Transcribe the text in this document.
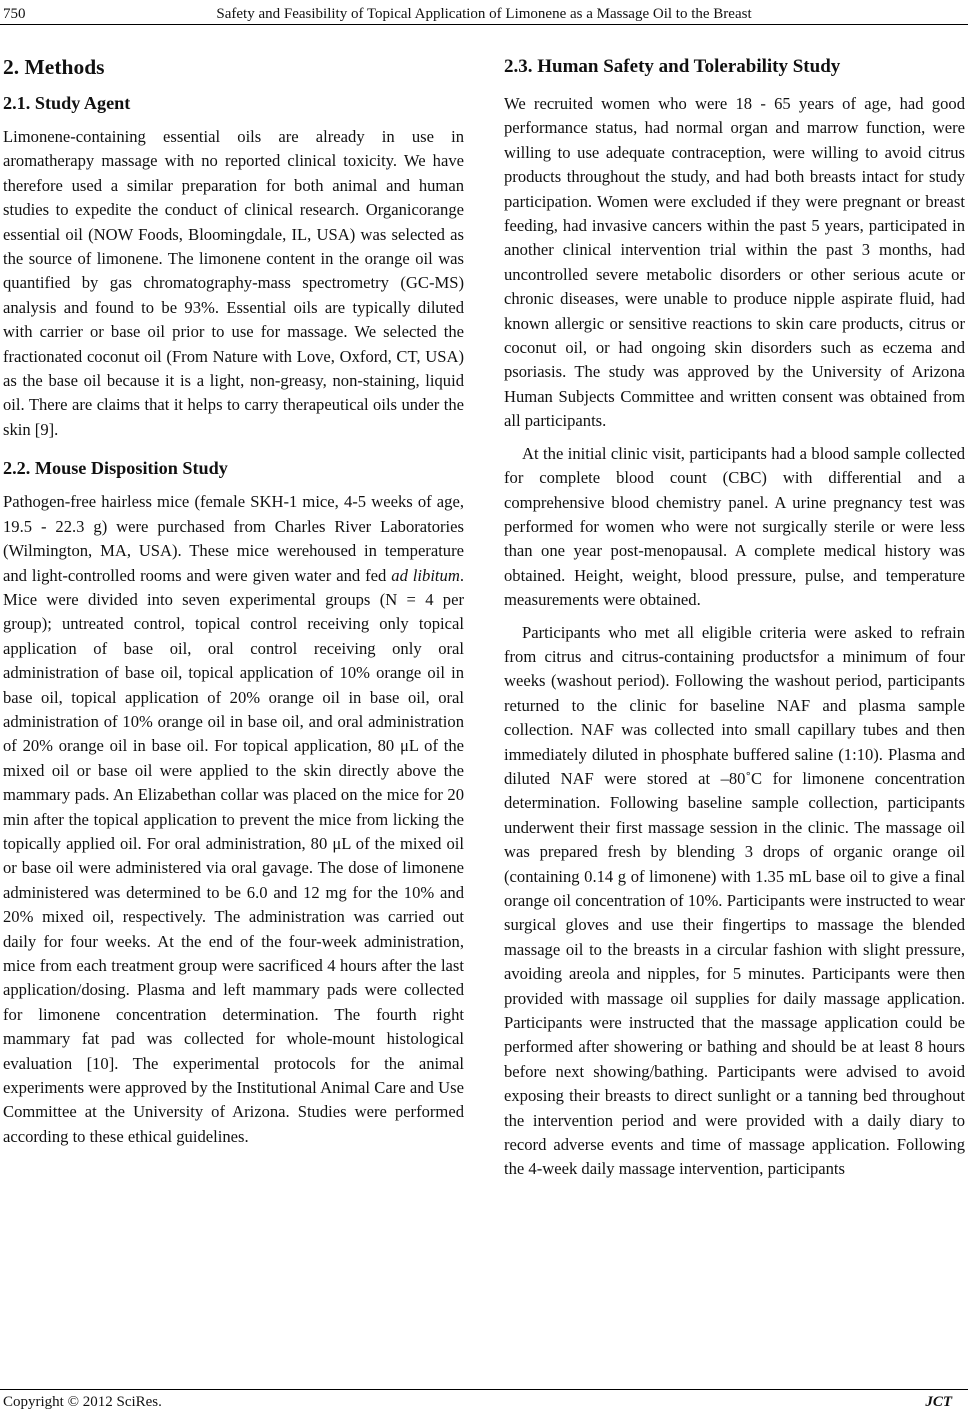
750	Safety and Feasibility of Topical Application of Limonene as a Massage Oil to the Breast
2. Methods
2.1. Study Agent

Limonene-containing essential oils are already in use in aromatherapy massage with no reported clinical toxicity. We have therefore used a similar preparation for both animal and human studies to expedite the conduct of clinical research. Organicorange essential oil (NOW Foods, Bloomingdale, IL, USA) was selected as the source of limonene. The limonene content in the orange oil was quantified by gas chromatography-mass spectrometry (GC-MS) analysis and found to be 93%. Essential oils are typically diluted with carrier or base oil prior to use for massage. We selected the fractionated coconut oil (From Nature with Love, Oxford, CT, USA) as the base oil because it is a light, non-greasy, non-staining, liquid oil. There are claims that it helps to carry therapeutical oils under the skin [9].

2.2. Mouse Disposition Study

Pathogen-free hairless mice (female SKH-1 mice, 4-5 weeks of age, 19.5 - 22.3 g) were purchased from Charles River Laboratories (Wilmington, MA, USA). These mice werehoused in temperature and light-controlled rooms and were given water and fed ad libitum. Mice were divided into seven experimental groups (N = 4 per group); untreated control, topical control receiving only topical application of base oil, oral control receiving only oral administration of base oil, topical application of 10% orange oil in base oil, topical application of 20% orange oil in base oil, oral administration of 10% orange oil in base oil, and oral administration of 20% orange oil in base oil. For topical application, 80 μL of the mixed oil or base oil were applied to the skin directly above the mammary pads. An Elizabethan collar was placed on the mice for 20 min after the topical application to prevent the mice from licking the topically applied oil. For oral administration, 80 μL of the mixed oil or base oil were administered via oral gavage. The dose of limonene administered was determined to be 6.0 and 12 mg for the 10% and 20% mixed oil, respectively. The administration was carried out daily for four weeks. At the end of the four-week administration, mice from each treatment group were sacrificed 4 hours after the last application/dosing. Plasma and left mammary pads were collected for limonene concentration determination. The fourth right mammary fat pad was collected for whole-mount histological evaluation [10]. The experimental protocols for the animal experiments were approved by the Institutional Animal Care and Use Committee at the University of Arizona. Studies were performed according to these ethical guidelines.

2.3. Human Safety and Tolerability Study

We recruited women who were 18 - 65 years of age, had good performance status, had normal organ and marrow function, were willing to use adequate contraception, were willing to avoid citrus products throughout the study, and had both breasts intact for study participation. Women were excluded if they were pregnant or breast feeding, had invasive cancers within the past 5 years, participated in another clinical intervention trial within the past 3 months, had uncontrolled severe metabolic disorders or other serious acute or chronic diseases, were unable to produce nipple aspirate fluid, had known allergic or sensitive reactions to skin care products, citrus or coconut oil, or had ongoing skin disorders such as eczema and psoriasis. The study was approved by the University of Arizona Human Subjects Committee and written consent was obtained from all participants.

At the initial clinic visit, participants had a blood sample collected for complete blood count (CBC) with differential and a comprehensive blood chemistry panel. A urine pregnancy test was performed for women who were not surgically sterile or were less than one year post-menopausal. A complete medical history was obtained. Height, weight, blood pressure, pulse, and temperature measurements were obtained.

Participants who met all eligible criteria were asked to refrain from citrus and citrus-containing productsfor a minimum of four weeks (washout period). Following the washout period, participants returned to the clinic for baseline NAF and plasma sample collection. NAF was collected into small capillary tubes and then immediately diluted in phosphate buffered saline (1:10). Plasma and diluted NAF were stored at –80˚C for limonene concentration determination. Following baseline sample collection, participants underwent their first massage session in the clinic. The massage oil was prepared fresh by blending 3 drops of organic orange oil (containing 0.14 g of limonene) with 1.35 mL base oil to give a final orange oil concentration of 10%. Participants were instructed to wear surgical gloves and use their fingertips to massage the blended massage oil to the breasts in a circular fashion with slight pressure, avoiding areola and nipples, for 5 minutes. Participants were then provided with massage oil supplies for daily massage application. Participants were instructed that the massage application could be performed after showering or bathing and should be at least 8 hours before next showing/bathing. Participants were advised to avoid exposing their breasts to direct sunlight or a tanning bed throughout the intervention period and were provided with a daily diary to record adverse events and time of massage application. Following the 4-week daily massage intervention, participants

Copyright © 2012 SciRes.	JCT
